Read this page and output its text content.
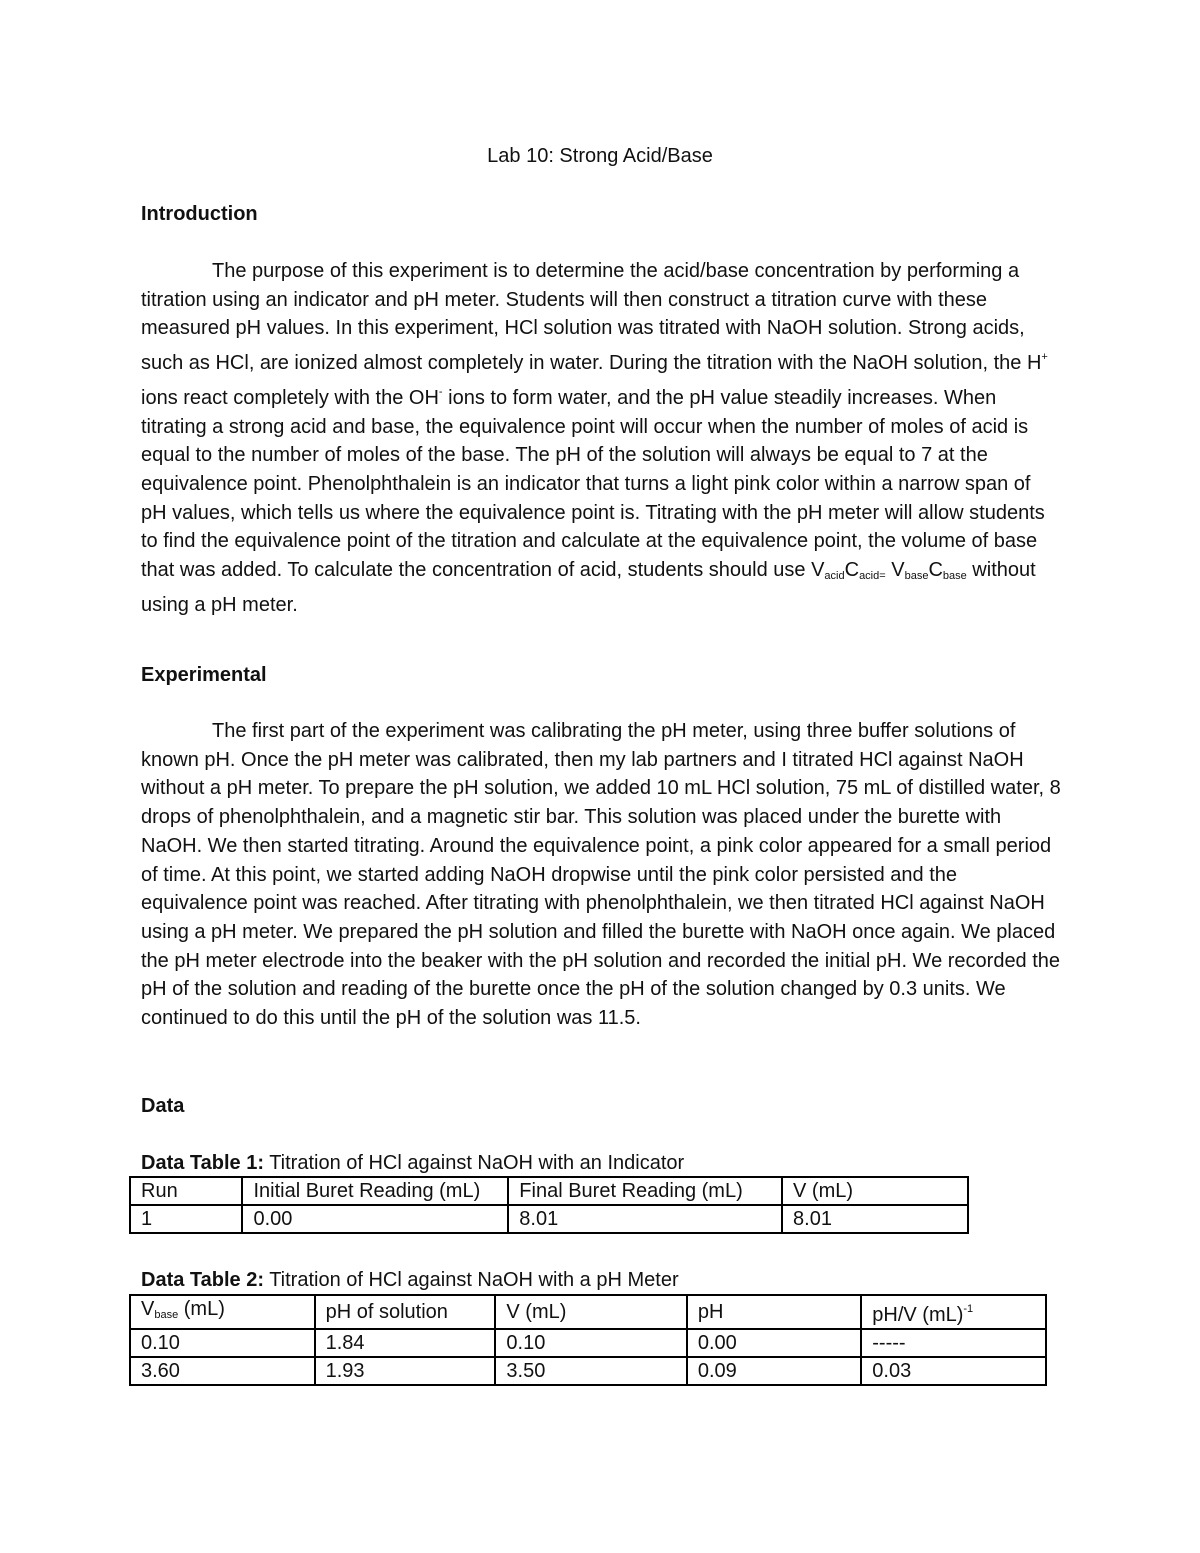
Lab 10: Strong Acid/Base
Introduction

The purpose of this experiment is to determine the acid/base concentration by performing a titration using an indicator and pH meter. Students will then construct a titration curve with these measured pH values. In this experiment, HCl solution was titrated with NaOH solution. Strong acids, such as HCl, are ionized almost completely in water. During the titration with the NaOH solution, the H+ ions react completely with the OH- ions to form water, and the pH value steadily increases. When titrating a strong acid and base, the equivalence point will occur when the number of moles of acid is equal to the number of moles of the base. The pH of the solution will always be equal to 7 at the equivalence point. Phenolphthalein is an indicator that turns a light pink color within a narrow span of pH values, which tells us where the equivalence point is. Titrating with the pH meter will allow students to find the equivalence point of the titration and calculate at the equivalence point, the volume of base that was added. To calculate the concentration of acid, students should use $V_{acid}C_{acid=}$ $V_{base}C_{base}$ without using a pH meter.

Experimental

The first part of the experiment was calibrating the pH meter, using three buffer solutions of known pH. Once the pH meter was calibrated, then my lab partners and I titrated HCl against NaOH without a pH meter. To prepare the pH solution, we added 10 mL HCl solution, 75 mL of distilled water, 8 drops of phenolphthalein, and a magnetic stir bar. This solution was placed under the burette with NaOH. We then started titrating. Around the equivalence point, a pink color appeared for a small period of time. At this point, we started adding NaOH dropwise until the pink color persisted and the equivalence point was reached. After titrating with phenolphthalein, we then titrated HCl against NaOH using a pH meter. We prepared the pH solution and filled the burette with NaOH once again. We placed the pH meter electrode into the beaker with the pH solution and recorded the initial pH. We recorded the pH of the solution and reading of the burette once the pH of the solution changed by 0.3 units. We continued to do this until the pH of the solution was 11.5.

Data
Data Table 1: Titration of HCl against NaOH with an Indicator
Run	Initial Buret Reading (mL)	Final Buret Reading (mL)	V (mL)
1	0.00	8.01	8.01
Data Table 2: Titration of HCl against NaOH with a pH Meter
$V_{base}$ (mL)	pH of solution	V (mL)	pH	pH/V (mL)$^{-1}$
0.10	1.84	0.10	0.00	-----
3.60	1.93	3.50	0.09	0.03
